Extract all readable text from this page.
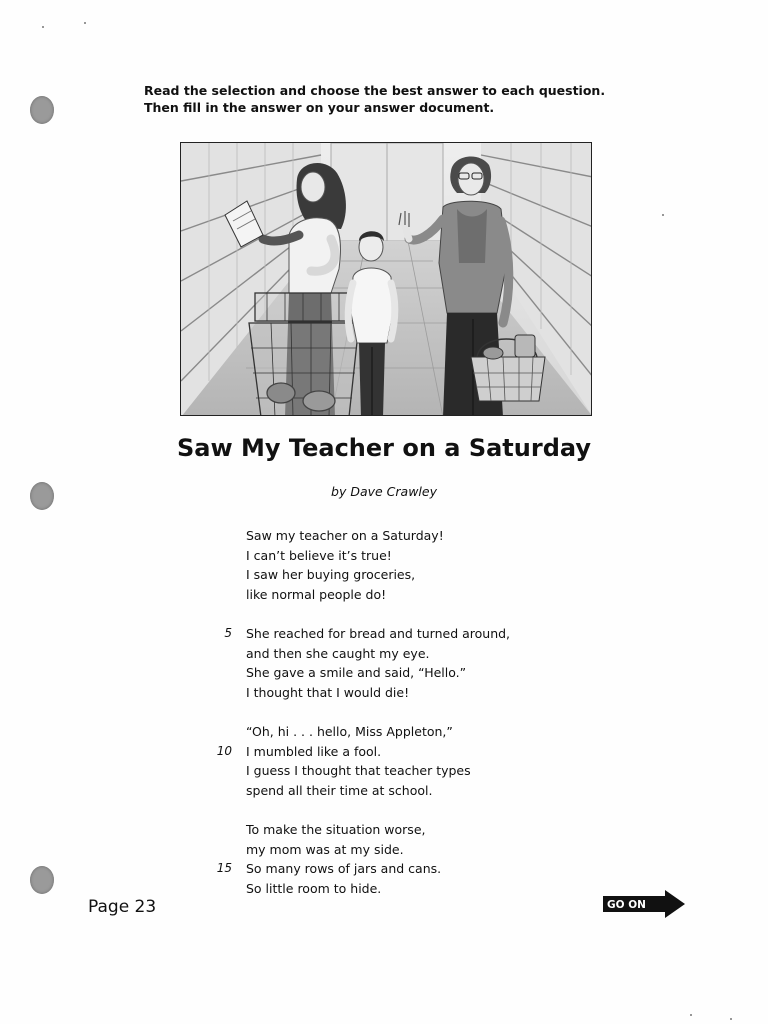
Read the selection and choose the best answer to each question.
Then fill in the answer on your answer document.
Saw My Teacher on a Saturday
by Dave Crawley
Saw my teacher on a Saturday!
I can’t believe it’s true!
I saw her buying groceries,
like normal people do!
5 She reached for bread and turned around,
and then she caught my eye.
She gave a smile and said, “Hello.”
I thought that I would die!
“Oh, hi . . . hello, Miss Appleton,”
10 I mumbled like a fool.
I guess I thought that teacher types
spend all their time at school.
To make the situation worse,
my mom was at my side.
15 So many rows of jars and cans.
So little room to hide.
Page 23	GO ON
